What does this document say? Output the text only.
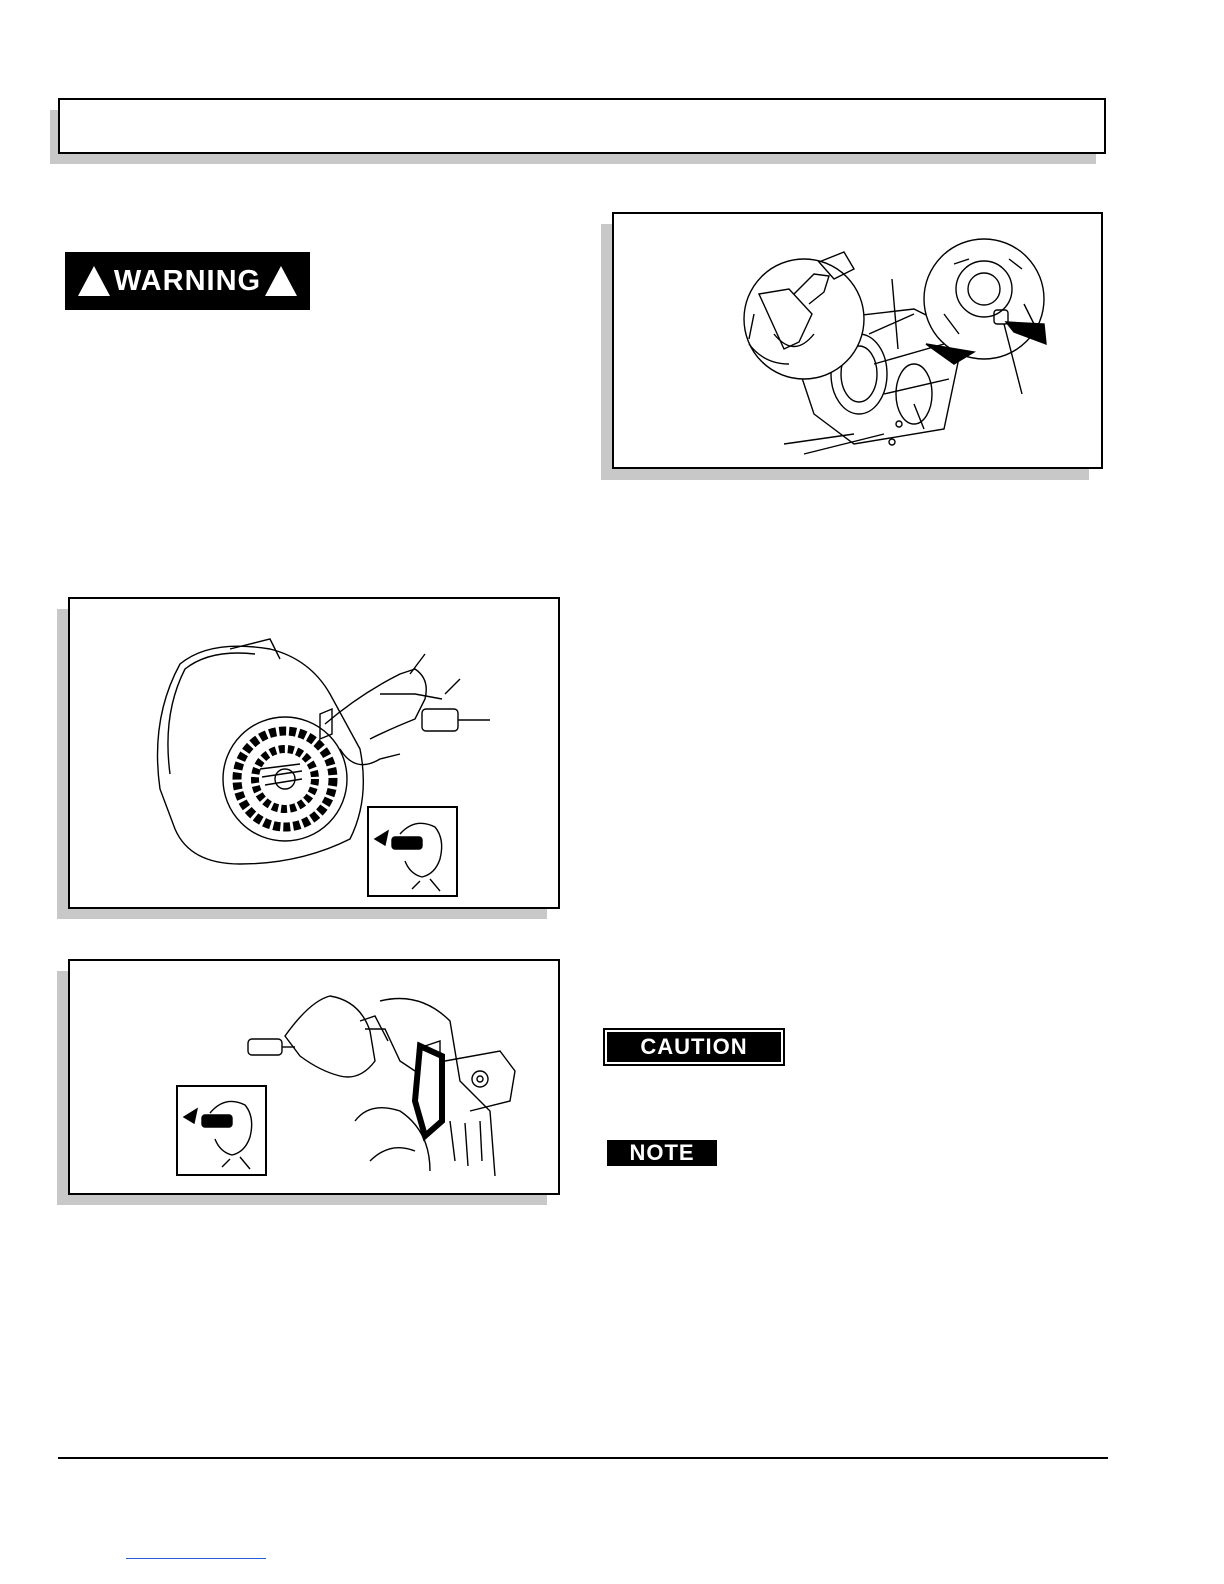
WARNING
CAUTION
NOTE
